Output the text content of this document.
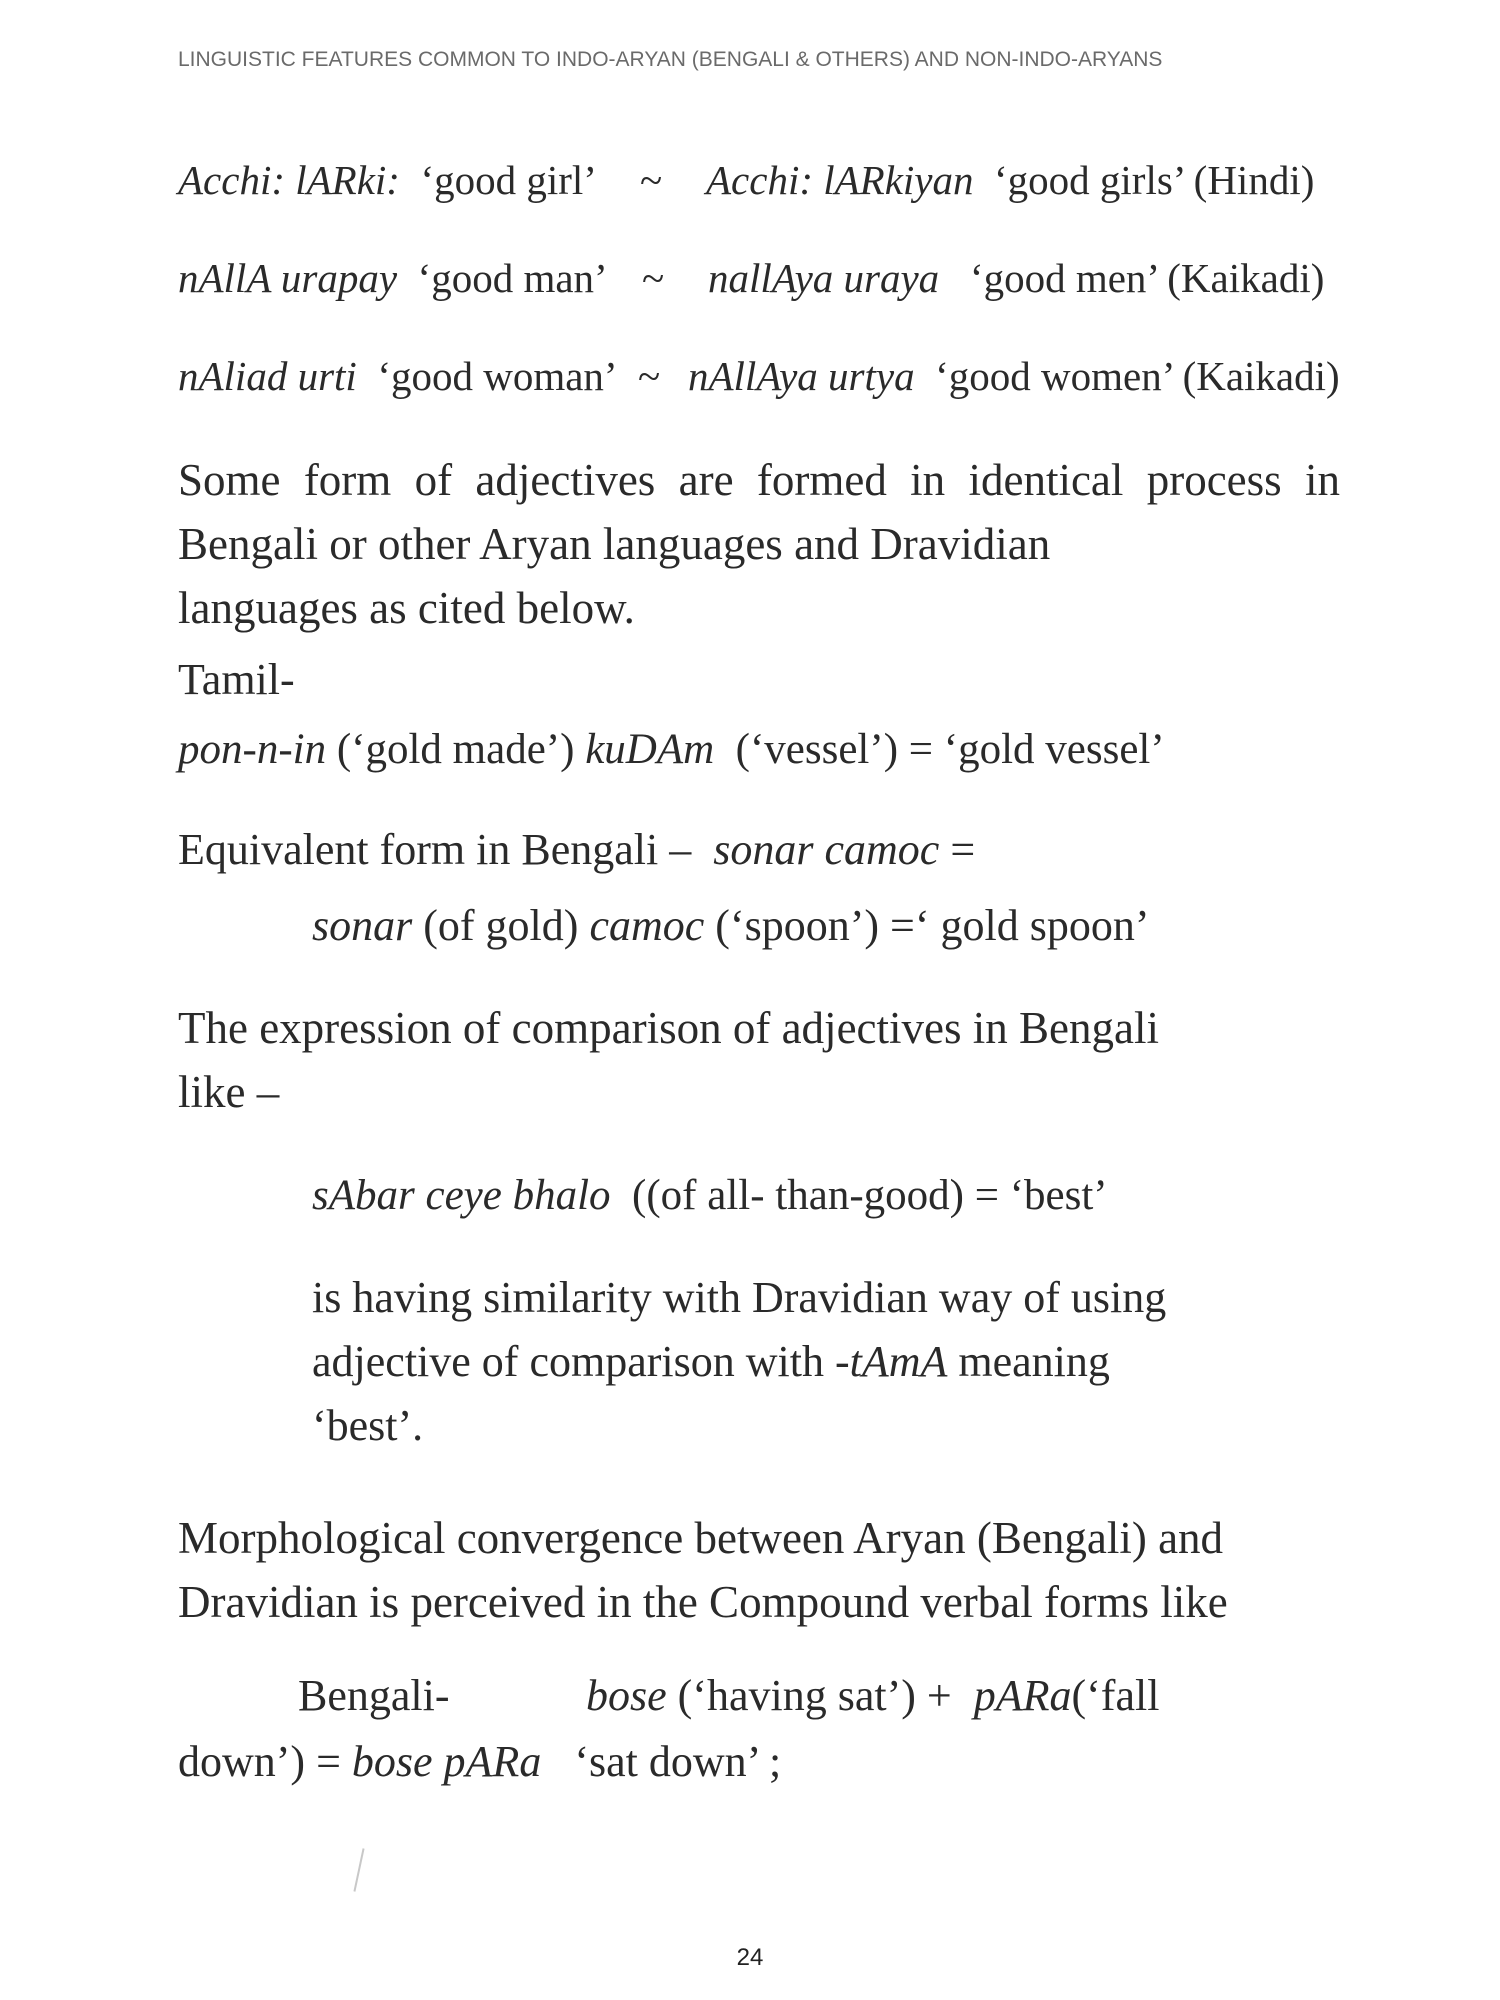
LINGUISTIC FEATURES COMMON TO INDO-ARYAN (BENGALI & OTHERS) AND NON-INDO-ARYANS
Acchi: lARki: ‘good girl’ ~ Acchi: lARkiyan ‘good girls’ (Hindi)
nAllA urapay ‘good man’ ~ nallAya uraya ‘good men’ (Kaikadi)
nAliad urti ‘good woman’ ~ nAllAya urtya ‘good women’ (Kaikadi)
Some form of adjectives are formed in identical process in Bengali or other Aryan languages and Dravidian
languages as cited below.
Tamil-
pon-n-in (‘gold made’) kuDAm (‘vessel’) = ‘gold vessel’
Equivalent form in Bengali – sonar camoc =
sonar (of gold) camoc (‘spoon’) =‘ gold spoon’
The expression of comparison of adjectives in Bengali
like –
sAbar ceye bhalo ((of all- than-good) = ‘best’
is having similarity with Dravidian way of using
adjective of comparison with -tAmA meaning
‘best’.
Morphological convergence between Aryan (Bengali) and
Dravidian is perceived in the Compound verbal forms like
Bengali-	bose (‘having sat’) + pARa(‘fall
down’) = bose pARa ‘sat down’ ;
24
